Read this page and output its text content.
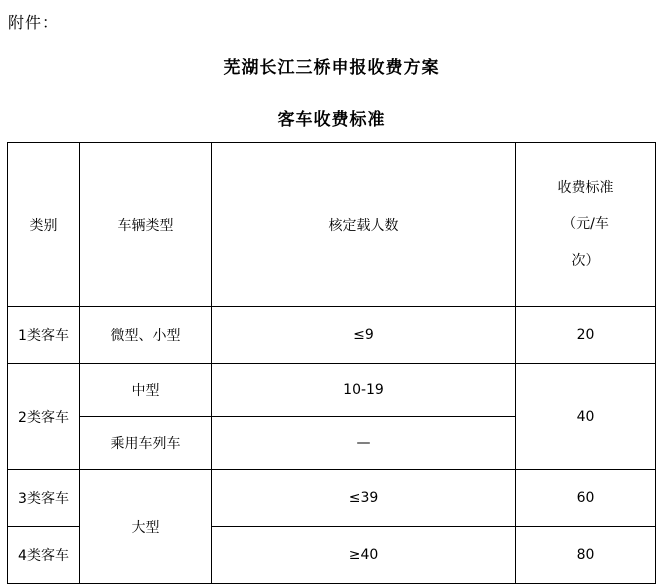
附件：
芜湖长江三桥申报收费方案
客车收费标准
类别	车辆类型	核定载人数	收费标准
（元/车
次）

1类客车	微型、小型	≤9	20
2类客车	中型	10-19	40
	乘用车列车	—	
3类客车	大型	≤39	60
4类客车		≥40	80
